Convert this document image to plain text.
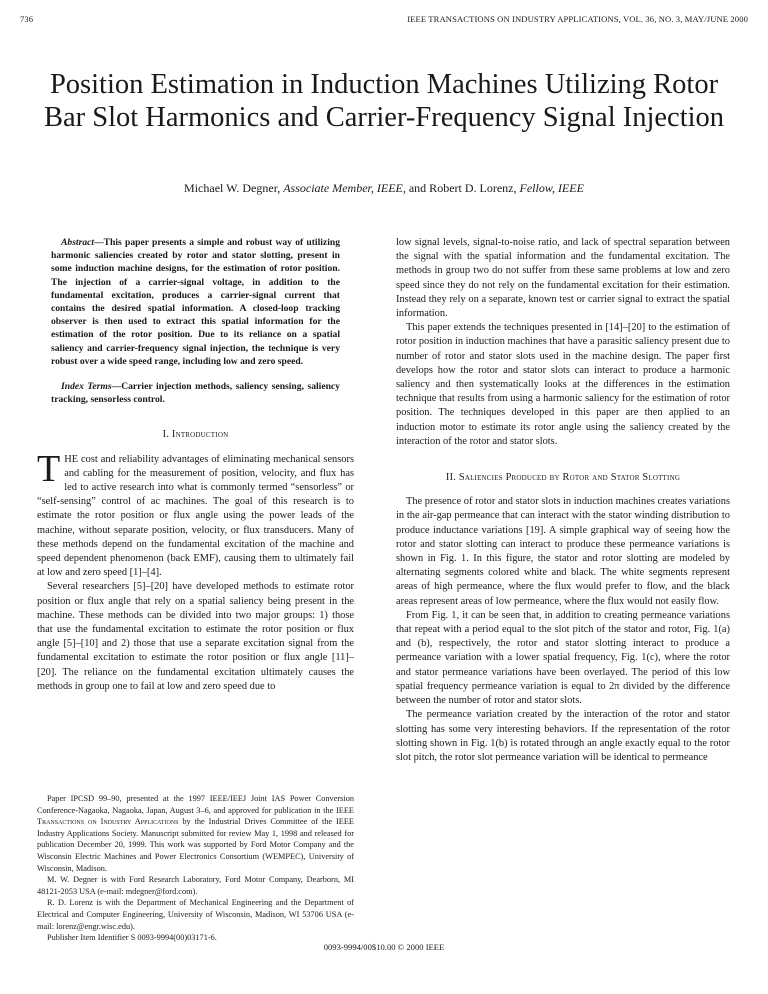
736	IEEE TRANSACTIONS ON INDUSTRY APPLICATIONS, VOL. 36, NO. 3, MAY/JUNE 2000
Position Estimation in Induction Machines Utilizing Rotor Bar Slot Harmonics and Carrier-Frequency Signal Injection
Michael W. Degner, Associate Member, IEEE, and Robert D. Lorenz, Fellow, IEEE

Abstract—This paper presents a simple and robust way of utilizing harmonic saliencies created by rotor and stator slotting, present in some induction machine designs, for the estimation of rotor position. The injection of a carrier-signal voltage, in addition to the fundamental excitation, produces a carrier-signal current that contains the desired spatial information. A closed-loop tracking observer is then used to extract this spatial information for the estimation of the rotor position. Due to its reliance on a spatial saliency and carrier-frequency signal injection, the technique is very robust over a wide speed range, including low and zero speed.

Index Terms—Carrier injection methods, saliency sensing, saliency tracking, sensorless control.

I. Introduction

THE cost and reliability advantages of eliminating mechanical sensors and cabling for the measurement of position, velocity, and flux has led to active research into what is commonly termed “sensorless” or “self-sensing” control of ac machines. The goal of this research is to estimate the rotor position or flux angle using the power leads of the machine, without separate position, velocity, or flux transducers. Many of these methods depend on the fundamental excitation of the machine and speed dependent phenomenon (back EMF), causing them to ultimately fail at low and zero speed [1]–[4].

Several researchers [5]–[20] have developed methods to estimate rotor position or flux angle that rely on a spatial saliency being present in the machine. These methods can be divided into two major groups: 1) those that use the fundamental excitation to estimate the rotor position or flux angle [5]–[10] and 2) those that use a separate excitation signal from the fundamental excitation to estimate the rotor position or flux angle [11]–[20]. The reliance on the fundamental excitation ultimately causes the methods in group one to fail at low and zero speed due to

Paper IPCSD 99–90, presented at the 1997 IEEE/IEEJ Joint IAS Power Conversion Conference-Nagaoka, Nagaoka, Japan, August 3–6, and approved for publication in the IEEE Transactions on Industry Applications by the Industrial Drives Committee of the IEEE Industry Applications Society. Manuscript submitted for review May 1, 1998 and released for publication December 20, 1999. This work was supported by Ford Motor Company and the Wisconsin Electric Machines and Power Electronics Consortium (WEMPEC), University of Wisconsin, Madison.

M. W. Degner is with Ford Research Laboratory, Ford Motor Company, Dearborn, MI 48121-2053 USA (e-mail: mdegner@ford.com).

R. D. Lorenz is with the Department of Mechanical Engineering and the Department of Electrical and Computer Engineering, University of Wisconsin, Madison, WI 53706 USA (e-mail: lorenz@engr.wisc.edu).

Publisher Item Identifier S 0093-9994(00)03171-6.

low signal levels, signal-to-noise ratio, and lack of spectral separation between the signal with the spatial information and the fundamental excitation. The methods in group two do not suffer from these same problems at low and zero speed since they do not rely on the fundamental excitation for their estimation. Instead they rely on a separate, known test or carrier signal to extract the spatial information.

This paper extends the techniques presented in [14]–[20] to the estimation of rotor position in induction machines that have a parasitic saliency present due to number of rotor and stator slots used in the machine design. The paper first develops how the rotor and stator slots can interact to produce a harmonic saliency and then systematically looks at the differences in the estimation technique that results from using a harmonic saliency for the estimation of rotor position. The techniques developed in this paper are then applied to an induction motor to estimate its rotor angle using the saliency created by the interaction of the rotor and stator slots.

II. Saliencies Produced by Rotor and Stator Slotting

The presence of rotor and stator slots in induction machines creates variations in the air-gap permeance that can interact with the stator winding distribution to produce inductance variations [19]. A simple graphical way of seeing how the rotor and stator slotting can interact to produce these permeance variations is shown in Fig. 1. In this figure, the stator and rotor slotting are modeled by alternating segments colored white and black. The white segments represent areas of high permeance, where the flux would prefer to flow, and the black areas represent areas of low permeance, where the flux would not easily flow.

From Fig. 1, it can be seen that, in addition to creating permeance variations that repeat with a period equal to the slot pitch of the stator and rotor, Fig. 1(a) and (b), respectively, the rotor and stator slotting interact to produce a permeance variation with a lower spatial frequency, Fig. 1(c), where the rotor and stator permeance variations have been overlayed. The period of this low spatial frequency permeance variation is equal to 2π divided by the difference between the number of rotor and stator slots.

The permeance variation created by the interaction of the rotor and stator slotting has some very interesting behaviors. If the representation of the rotor slotting shown in Fig. 1(b) is rotated through an angle exactly equal to the rotor slot pitch, the rotor slot permeance variation will be identical to permeance

0093-9994/00$10.00 © 2000 IEEE
